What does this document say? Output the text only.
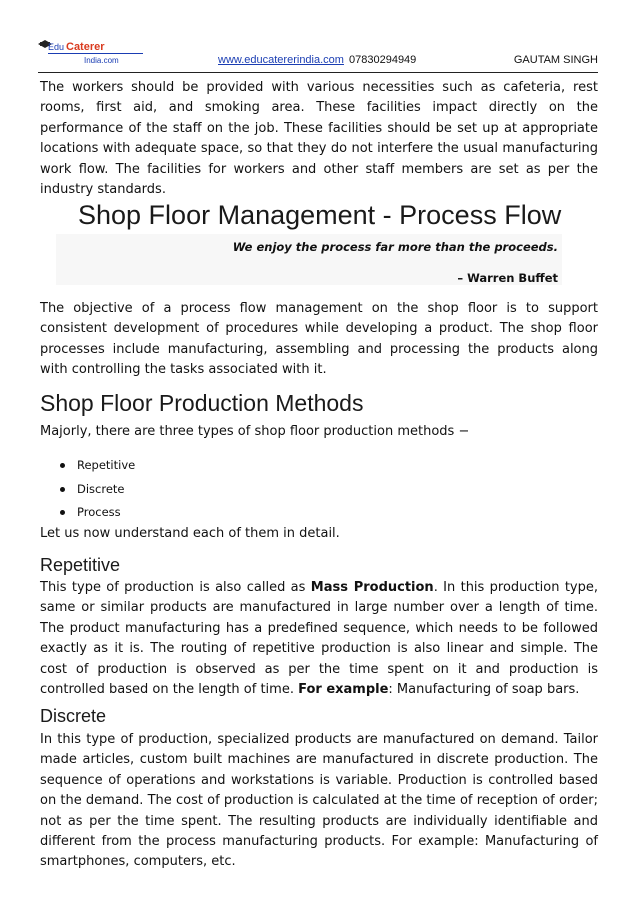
Edu Caterer
India.com	www.educatererindia.com 07830294949	GAUTAM SINGH

The workers should be provided with various necessities such as cafeteria, rest rooms, first aid, and smoking area. These facilities impact directly on the performance of the staff on the job. These facilities should be set up at appropriate locations with adequate space, so that they do not interfere the usual manufacturing work flow. The facilities for workers and other staff members are set as per the industry standards.

Shop Floor Management - Process Flow
We enjoy the process far more than the proceeds.
– Warren Buffet

The objective of a process flow management on the shop floor is to support consistent development of procedures while developing a product. The shop floor processes include manufacturing, assembling and processing the products along with controlling the tasks associated with it.

Shop Floor Production Methods

Majorly, there are three types of shop floor production methods −

Repetitive
Discrete
Process

Let us now understand each of them in detail.

Repetitive

This type of production is also called as Mass Production. In this production type, same or similar products are manufactured in large number over a length of time. The product manufacturing has a predefined sequence, which needs to be followed exactly as it is. The routing of repetitive production is also linear and simple. The cost of production is observed as per the time spent on it and production is controlled based on the length of time. For example: Manufacturing of soap bars.

Discrete

In this type of production, specialized products are manufactured on demand. Tailor made articles, custom built machines are manufactured in discrete production. The sequence of operations and workstations is variable. Production is controlled based on the demand. The cost of production is calculated at the time of reception of order; not as per the time spent. The resulting products are individually identifiable and different from the process manufacturing products. For example: Manufacturing of smartphones, computers, etc.
